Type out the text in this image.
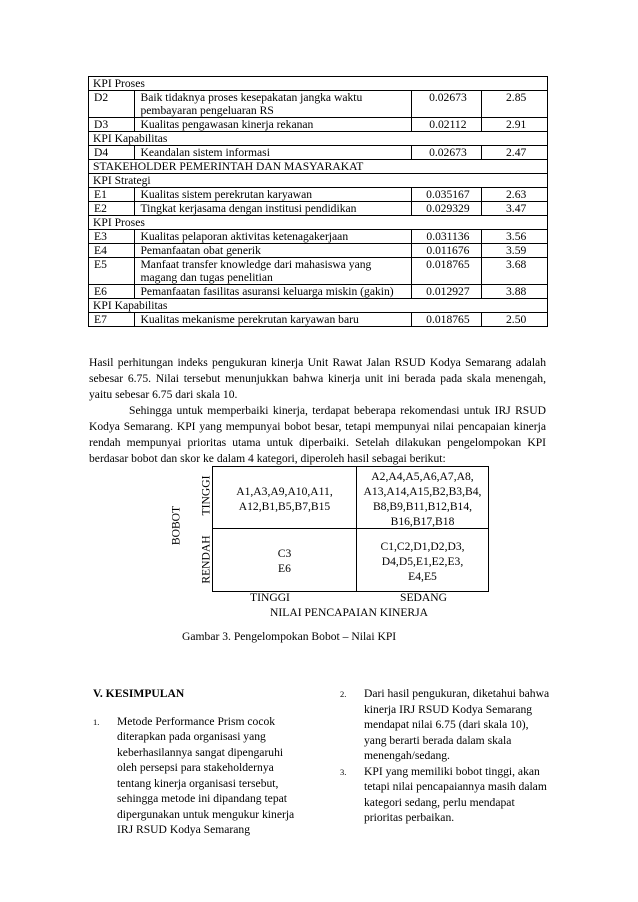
KPI Proses			
D2	Baik tidaknya proses kesepakatan jangka waktu pembayaran pengeluaran RS	0.02673	2.85
D3	Kualitas pengawasan kinerja rekanan	0.02112	2.91
KPI Kapabilitas			
D4	Keandalan sistem informasi	0.02673	2.47
STAKEHOLDER PEMERINTAH DAN MASYARAKAT			
KPI Strategi			
E1	Kualitas sistem perekrutan karyawan	0.035167	2.63
E2	Tingkat kerjasama dengan institusi pendidikan	0.029329	3.47
KPI Proses			
E3	Kualitas pelaporan aktivitas ketenagakerjaan	0.031136	3.56
E4	Pemanfaatan obat generik	0.011676	3.59
E5	Manfaat transfer knowledge dari mahasiswa yang magang dan tugas penelitian	0.018765	3.68
E6	Pemanfaatan fasilitas asuransi keluarga miskin (gakin)	0.012927	3.88
KPI Kapabilitas			
E7	Kualitas mekanisme perekrutan karyawan baru	0.018765	2.50
Hasil perhitungan indeks pengukuran kinerja Unit Rawat Jalan RSUD Kodya Semarang adalah sebesar 6.75. Nilai tersebut menunjukkan bahwa kinerja unit ini berada pada skala menengah, yaitu sebesar 6.75 dari skala 10.
Sehingga untuk memperbaiki kinerja, terdapat beberapa rekomendasi untuk IRJ RSUD Kodya Semarang. KPI yang mempunyai bobot besar, tetapi mempunyai nilai pencapaian kinerja rendah mempunyai prioritas utama untuk diperbaiki. Setelah dilakukan pengelompokan KPI berdasar bobot dan skor ke dalam 4 kategori, diperoleh hasil sebagai berikut:
A1,A3,A9,A10,A11,
A12,B1,B5,B7,B15
A2,A4,A5,A6,A7,A8,
A13,A14,A15,B2,B3,B4,
B8,B9,B11,B12,B14,
B16,B17,B18
C3
E6
C1,C2,D1,D2,D3,
D4,D5,E1,E2,E3,
E4,E5
BOBOT
TINGGI
RENDAH
TINGGI	SEDANG
NILAI PENCAPAIAN KINERJA
Gambar 3. Pengelompokan Bobot – Nilai KPI
V. KESIMPULAN
1. Metode Performance Prism cocok
diterapkan pada organisasi yang
keberhasilannya sangat dipengaruhi
oleh persepsi para stakeholdernya
tentang kinerja organisasi tersebut,
sehingga metode ini dipandang tepat
dipergunakan untuk mengukur kinerja
IRJ RSUD Kodya Semarang
2. Dari hasil pengukuran, diketahui bahwa
kinerja IRJ RSUD Kodya Semarang
mendapat nilai 6.75 (dari skala 10),
yang berarti berada dalam skala
menengah/sedang.
3. KPI yang memiliki bobot tinggi, akan
tetapi nilai pencapaiannya masih dalam
kategori sedang, perlu mendapat
prioritas perbaikan.
